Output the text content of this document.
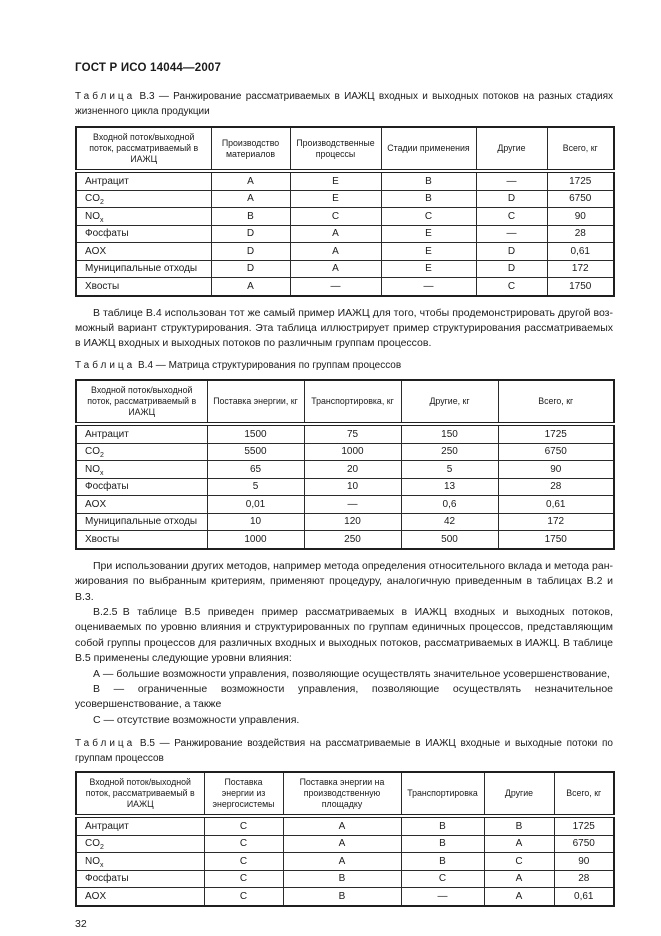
ГОСТ Р ИСО 14044—2007

Таблица В.3 — Ранжирование рассматриваемых в ИАЖЦ входных и выходных потоков на разных стадиях жизненного цикла продукции

Входной поток/выходной поток, рассматриваемый в ИАЖЦ	Производство материалов	Производственные процессы	Стадии применения	Другие	Всего, кг
Антрацит	A	E	B	—	1725
$CO_2$	A	E	B	D	6750
$NO_x$	B	C	C	C	90
Фосфаты	D	A	E	—	28
AOX	D	A	E	D	0,61
Муниципальные отходы	D	A	E	D	172
Хвосты	A	—	—	C	1750

В таблице В.4 использован тот же самый пример ИАЖЦ для того, чтобы продемонстрировать другой возможный вариант структурирования. Эта таблица иллюстрирует пример структурирования рассматриваемых в ИАЖЦ входных и выходных потоков по различным группам процессов.

Таблица В.4 — Матрица структурирования по группам процессов

Входной поток/выходной поток, рассматриваемый в ИАЖЦ	Поставка энергии, кг	Транспортировка, кг	Другие, кг	Всего, кг
Антрацит	1500	75	150	1725
$CO_2$	5500	1000	250	6750
$NO_x$	65	20	5	90
Фосфаты	5	10	13	28
AOX	0,01	—	0,6	0,61
Муниципальные отходы	10	120	42	172
Хвосты	1000	250	500	1750

При использовании других методов, например метода определения относительного вклада и метода ранжирования по выбранным критериям, применяют процедуру, аналогичную приведенным в таблицах В.2 и В.3.

В.2.5 В таблице В.5 приведен пример рассматриваемых в ИАЖЦ входных и выходных потоков, оцениваемых по уровню влияния и структурированных по группам единичных процессов, представляющим собой группы процессов для различных входных и выходных потоков, рассматриваемых в ИАЖЦ. В таблице В.5 применены следующие уровни влияния:

А — большие возможности управления, позволяющие осуществлять значительное усовершенствование,

В — ограниченные возможности управления, позволяющие осуществлять незначительное усовершенствование, а также

С — отсутствие возможности управления.

Таблица В.5 — Ранжирование воздействия на рассматриваемые в ИАЖЦ входные и выходные потоки по группам процессов

Входной поток/выходной поток, рассматриваемый в ИАЖЦ	Поставка энергии из энергосистемы	Поставка энергии на производственную площадку	Транспортировка	Другие	Всего, кг
Антрацит	C	A	B	B	1725
$CO_2$	C	A	B	A	6750
$NO_x$	C	A	B	C	90
Фосфаты	C	B	C	A	28
AOX	C	B	—	A	0,61
32
